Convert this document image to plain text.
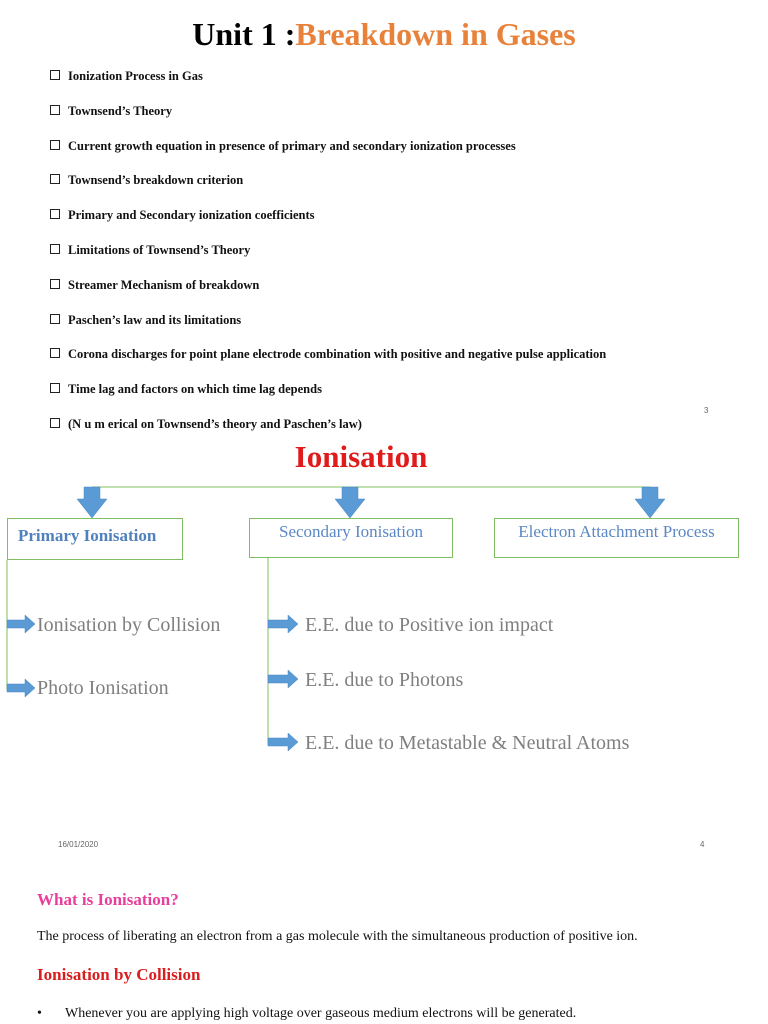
Unit 1 :Breakdown in Gases
Ionization Process in Gas
Townsend’s Theory
Current growth equation in presence of primary and secondary ionization processes
Townsend’s breakdown criterion
Primary and Secondary ionization coefficients
Limitations of Townsend’s Theory
Streamer Mechanism of breakdown
Paschen’s law and its limitations
Corona discharges for point plane electrode combination with positive and negative pulse application
Time lag and factors on which time lag depends
(N u m erical on Townsend’s theory and Paschen’s law)
3
Ionisation
Primary Ionisation	Secondary Ionisation	Electron Attachment Process
Ionisation by Collision
Photo Ionisation
E.E. due to Positive ion impact
E.E. due to Photons
E.E. due to Metastable & Neutral Atoms
16/01/2020	4
What is Ionisation?
The process of liberating an electron from a gas molecule with the simultaneous production of positive ion.
Ionisation by Collision
• Whenever you are applying high voltage over gaseous medium electrons will be generated.
